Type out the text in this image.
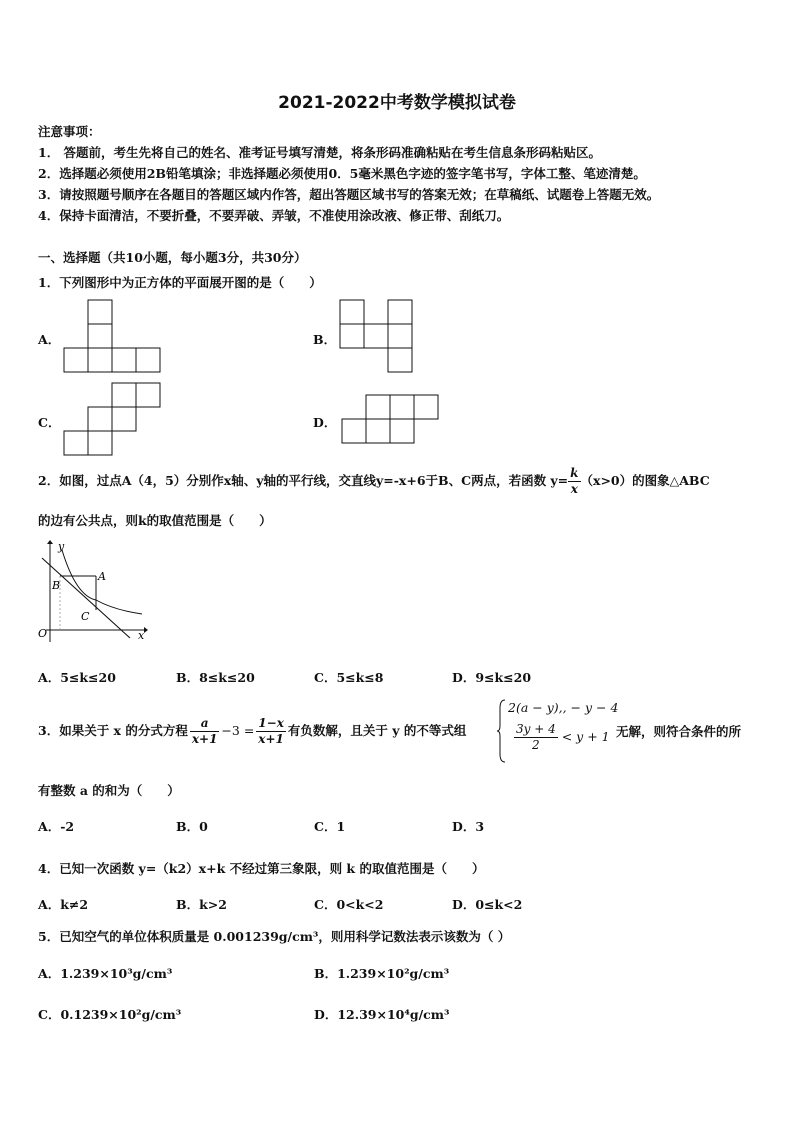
2021-2022中考数学模拟试卷
注意事项：
1． 答题前，考生先将自己的姓名、准考证号填写清楚，将条形码准确粘贴在考生信息条形码粘贴区。
2．选择题必须使用2B铅笔填涂；非选择题必须使用0．5毫米黑色字迹的签字笔书写，字体工整、笔迹清楚。
3．请按照题号顺序在各题目的答题区域内作答，超出答题区域书写的答案无效；在草稿纸、试题卷上答题无效。
4．保持卡面清洁，不要折叠，不要弄破、弄皱，不准使用涂改液、修正带、刮纸刀。
一、选择题（共10小题，每小题3分，共30分）
1．下列图形中为正方体的平面展开图的是（　　）
A．	B．
C．	D．
2．如图，过点A（4，5）分别作x轴、y轴的平行线，交直线y=-x+6于B、C两点，若函数 $y= \frac{k}{x} (x>0)$的图象△ABC
的边有公共点，则k的取值范围是（　　）
y
x
O
A
B
C
A．5≤k≤20	B．8≤k≤20	C．5≤k≤8	D．9≤k≤20
3．如果关于 x 的分式方程 $\frac{a}{x+1} -3 = \frac{1-x}{x+1}$ 有负数解，且关于 y 的不等式组
2(a − y),, − y − 4
$\frac{3y + 4}{2} < y + 1$ 无解，则符合条件的所
有整数 a 的和为（　　）
A．-2	B．0	C．1	D．3
4．已知一次函数 y=（k2）x+k 不经过第三象限，则 k 的取值范围是（　　）
A．k≠2	B．k>2	C．0<k<2	D．0≤k<2
5．已知空气的单位体积质量是 0.001239g/cm³，则用科学记数法表示该数为（ ）
A．1.239×10³g/cm³	B．1.239×10²g/cm³
C．0.1239×10²g/cm³	D．12.39×10⁴g/cm³
